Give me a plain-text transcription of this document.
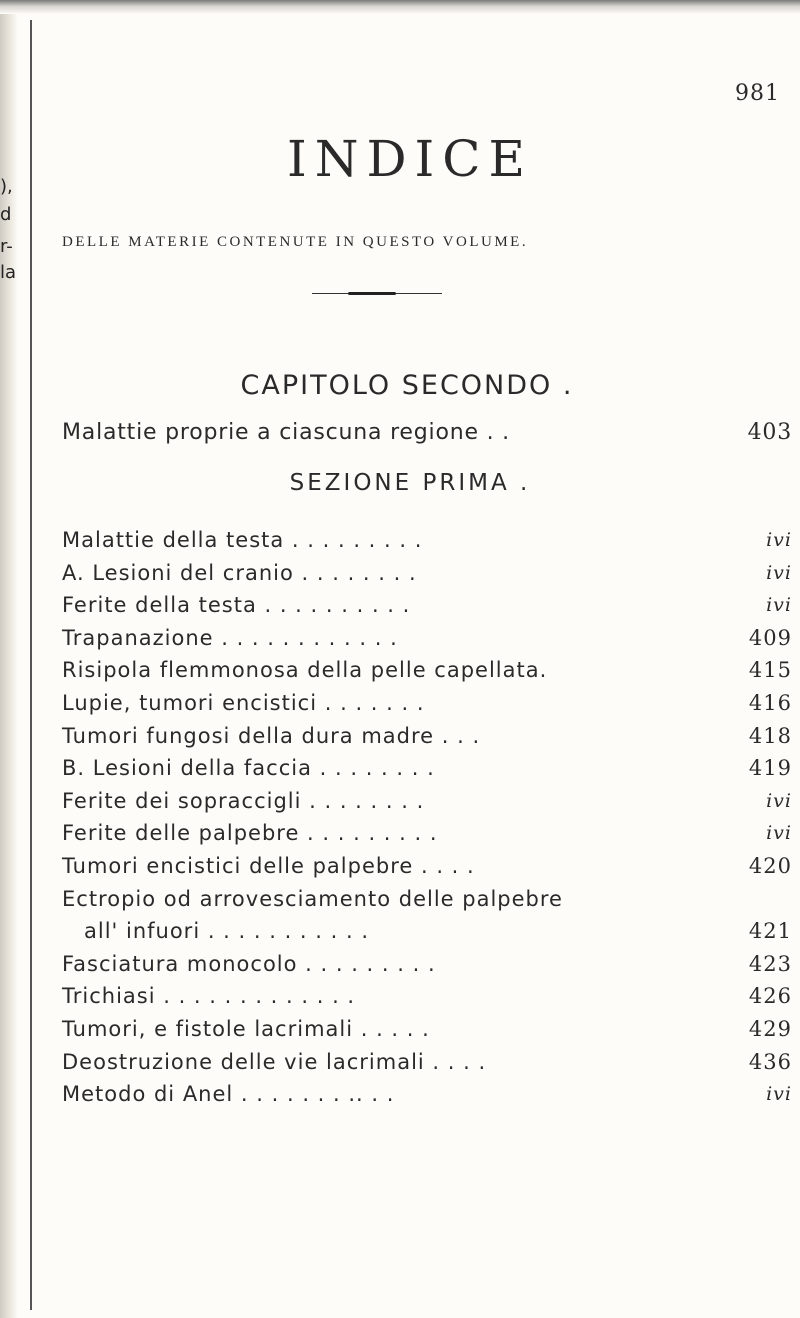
),
d
r-
la
981
INDICE
DELLE MATERIE CONTENUTE IN QUESTO VOLUME.
CAPITOLO SECONDO .
Malattie proprie a ciascuna regione . .	403
SEZIONE PRIMA .
Malattie della testa . . . . . . . . .	ivi
A. Lesioni del cranio . . . . . . . .	ivi
Ferite della testa . . . . . . . . . .	ivi
Trapanazione . . . . . . . . . . . .	409
Risipola flemmonosa della pelle capellata.	415
Lupie, tumori encistici . . . . . . .	416
Tumori fungosi della dura madre . . .	418
B. Lesioni della faccia . . . . . . . .	419
Ferite dei sopraccigli . . . . . . . .	ivi
Ferite delle palpebre . . . . . . . . .	ivi
Tumori encistici delle palpebre . . . .	420
Ectropio od arrovesciamento delle palpebre
all' infuori . . . . . . . . . . .	421
Fasciatura monocolo . . . . . . . . .	423
Trichiasi . . . . . . . . . . . . .	426
Tumori, e fistole lacrimali . . . . .	429
Deostruzione delle vie lacrimali . . . .	436
Metodo di Anel . . . . . . . .. . .	ivi
